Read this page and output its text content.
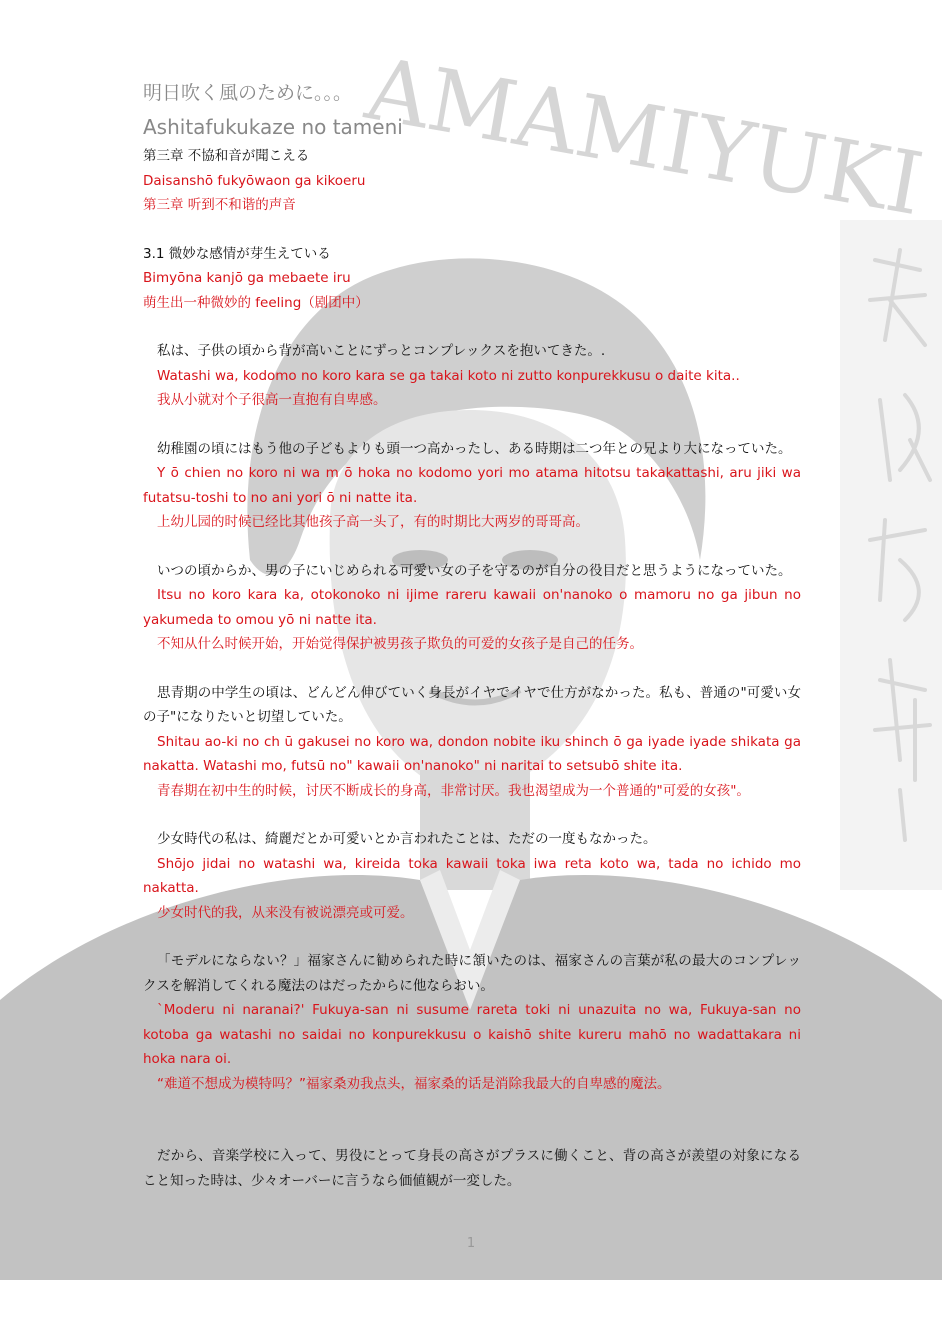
AMAMIYUKI
明日吹く風のために。。。
Ashitafukukaze no tameni
第三章 不協和音が聞こえる
Daisanshō fukyōwaon ga kikoeru
第三章 听到不和谐的声音
3.1 微妙な感情が芽生えている
Bimyōna kanjō ga mebaete iru
萌生出一种微妙的 feeling（剧团中）
私は、子供の頃から背が高いことにずっとコンプレックスを抱いてきた。.
Watashi wa, kodomo no koro kara se ga takai koto ni zutto konpurekkusu o daite kita..
我从小就对个子很高一直抱有自卑感。
幼稚園の頃にはもう他の子どもよりも頭一つ高かったし、ある時期は二つ年との兄より大になっていた。
Y ō chien no koro ni wa m ō hoka no kodomo yori mo atama hitotsu takakattashi, aru jiki wa futatsu-toshi to no ani yori ō ni natte ita.
上幼儿园的时候已经比其他孩子高一头了，有的时期比大两岁的哥哥高。
いつの頃からか、男の子にいじめられる可愛い女の子を守るのが自分の役目だと思うようになっていた。
Itsu no koro kara ka, otokonoko ni ijime rareru kawaii on'nanoko o mamoru no ga jibun no yakumeda to omou yō ni natte ita.
不知从什么时候开始，开始觉得保护被男孩子欺负的可爱的女孩子是自己的任务。
思青期の中学生の頃は、どんどん伸びていく身長がイヤでイヤで仕方がなかった。私も、普通の"可愛い女の子"になりたいと切望していた。
Shitau ao-ki no ch ū gakusei no koro wa, dondon nobite iku shinch ō ga iyade iyade shikata ga nakatta. Watashi mo, futsū no" kawaii on'nanoko" ni naritai to setsubō shite ita.
青春期在初中生的时候，讨厌不断成长的身高，非常讨厌。我也渴望成为一个普通的"可爱的女孩"。
少女時代の私は、綺麗だとか可愛いとか言われたことは、ただの一度もなかった。
Shōjo jidai no watashi wa, kireida toka kawaii toka iwa reta koto wa, tada no ichido mo nakatta.
少女时代的我，从来没有被说漂亮或可爱。
「モデルにならない？」福家さんに勧められた時に頷いたのは、福家さんの言葉が私の最大のコンプレックスを解消してくれる魔法のはだったからに他ならおい。
`Moderu ni naranai?' Fukuya-san ni susume rareta toki ni unazuita no wa, Fukuya-san no kotoba ga watashi no saidai no konpurekkusu o kaishō shite kureru mahō no wadattakara ni hoka nara oi.
“难道不想成为模特吗？”福家桑劝我点头，福家桑的话是消除我最大的自卑感的魔法。
だから、音楽学校に入って、男役にとって身長の高さがプラスに働くこと、背の高さが羨望の対象になること知った時は、少々オーバーに言うなら価値観が一変した。
1
